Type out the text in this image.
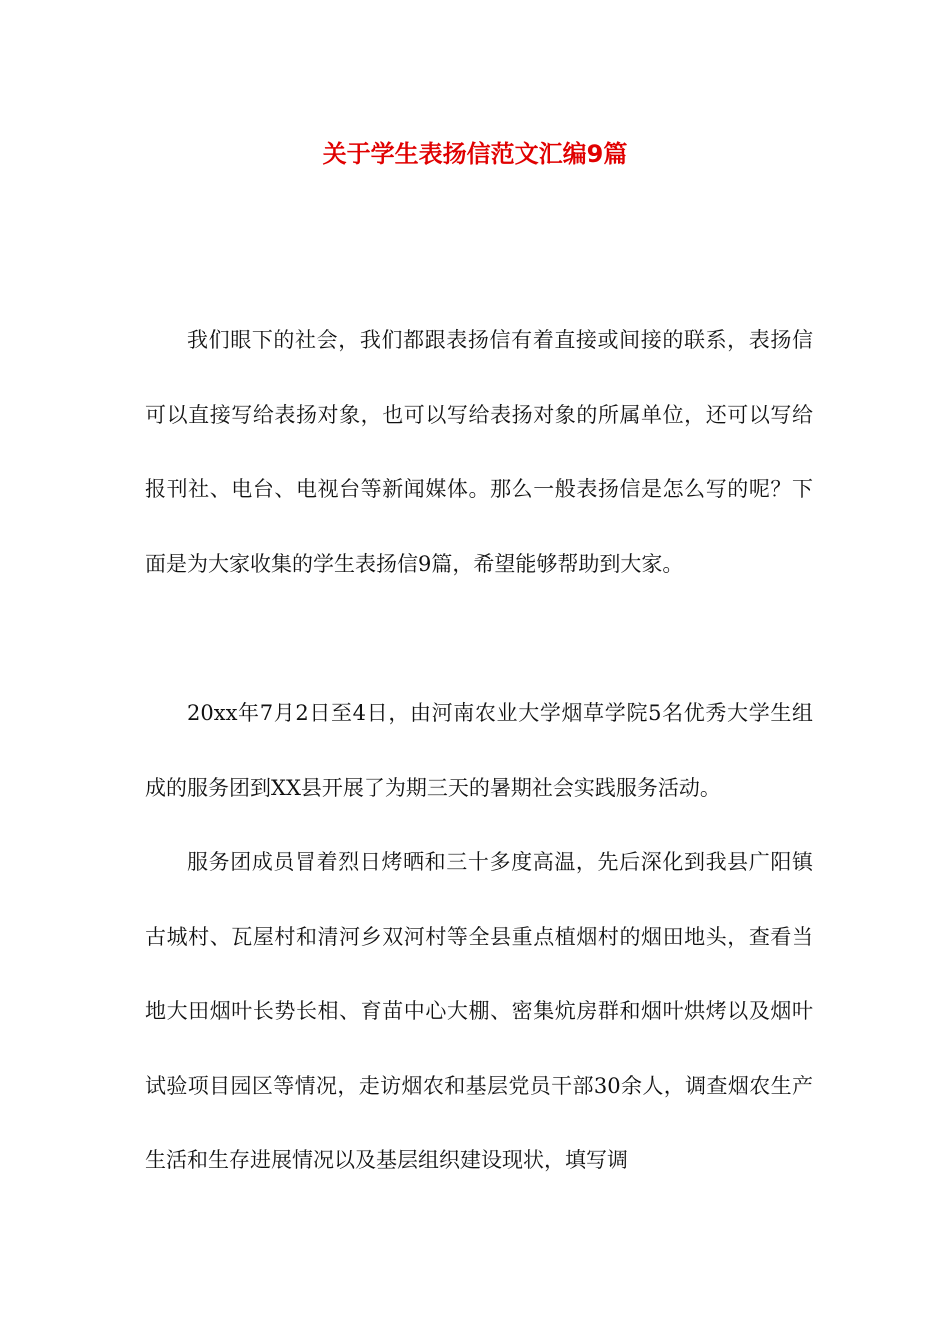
关于学生表扬信范文汇编9篇

我们眼下的社会，我们都跟表扬信有着直接或间接的联系，表扬信可以直接写给表扬对象，也可以写给表扬对象的所属单位，还可以写给报刊社、电台、电视台等新闻媒体。那么一般表扬信是怎么写的呢？下面是为大家收集的学生表扬信9篇，希望能够帮助到大家。

20xx年7月2日至4日，由河南农业大学烟草学院5名优秀大学生组成的服务团到XX县开展了为期三天的暑期社会实践服务活动。

服务团成员冒着烈日烤晒和三十多度高温，先后深化到我县广阳镇古城村、瓦屋村和清河乡双河村等全县重点植烟村的烟田地头，查看当地大田烟叶长势长相、育苗中心大棚、密集炕房群和烟叶烘烤以及烟叶试验项目园区等情况，走访烟农和基层党员干部30余人，调查烟农生产生活和生存进展情况以及基层组织建设现状，填写调
